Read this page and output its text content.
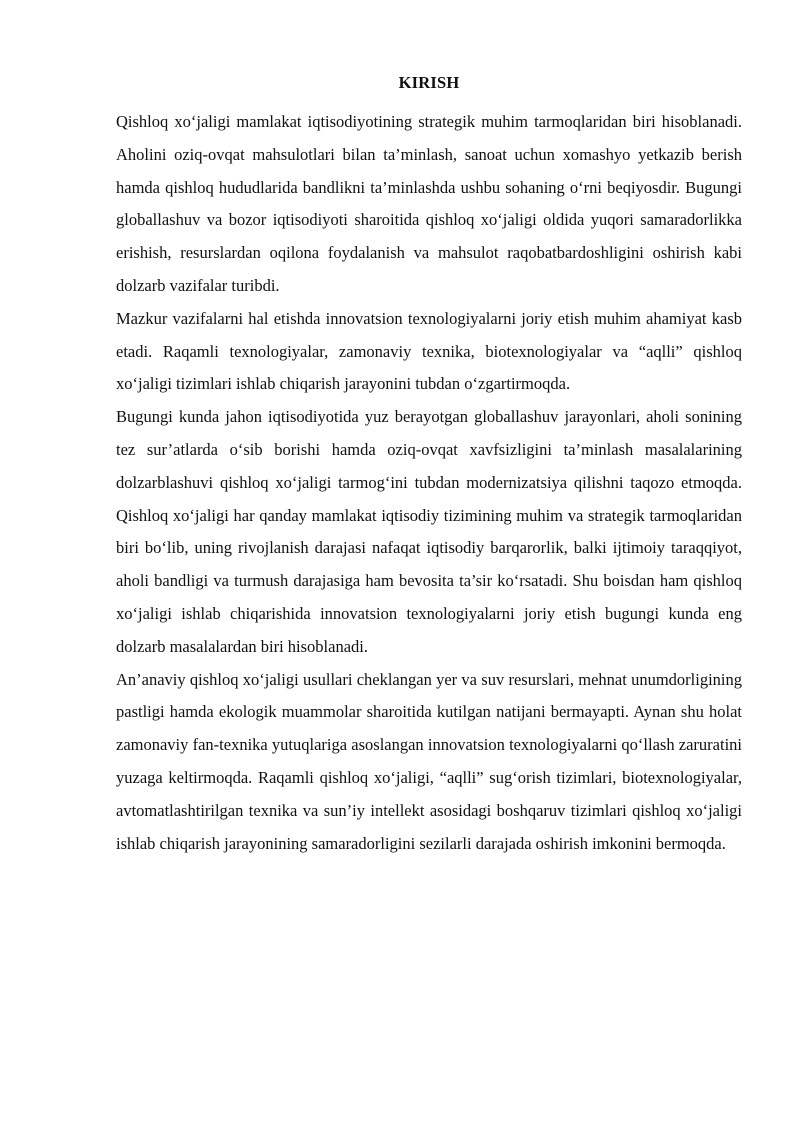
KIRISH

Qishloq xo‘jaligi mamlakat iqtisodiyotining strategik muhim tarmoqlaridan biri hisoblanadi. Aholini oziq-ovqat mahsulotlari bilan ta’minlash, sanoat uchun xomashyo yetkazib berish hamda qishloq hududlarida bandlikni ta’minlashda ushbu sohaning o‘rni beqiyosdir. Bugungi globallashuv va bozor iqtisodiyoti sharoitida qishloq xo‘jaligi oldida yuqori samaradorlikka erishish, resurslardan oqilona foydalanish va mahsulot raqobatbardoshligini oshirish kabi dolzarb vazifalar turibdi.

Mazkur vazifalarni hal etishda innovatsion texnologiyalarni joriy etish muhim ahamiyat kasb etadi. Raqamli texnologiyalar, zamonaviy texnika, biotexnologiyalar va “aqlli” qishloq xo‘jaligi tizimlari ishlab chiqarish jarayonini tubdan o‘zgartirmoqda.

Bugungi kunda jahon iqtisodiyotida yuz berayotgan globallashuv jarayonlari, aholi sonining tez sur’atlarda o‘sib borishi hamda oziq-ovqat xavfsizligini ta’minlash masalalarining dolzarblashuvi qishloq xo‘jaligi tarmog‘ini tubdan modernizatsiya qilishni taqozo etmoqda. Qishloq xo‘jaligi har qanday mamlakat iqtisodiy tizimining muhim va strategik tarmoqlaridan biri bo‘lib, uning rivojlanish darajasi nafaqat iqtisodiy barqarorlik, balki ijtimoiy taraqqiyot, aholi bandligi va turmush darajasiga ham bevosita ta’sir ko‘rsatadi. Shu boisdan ham qishloq xo‘jaligi ishlab chiqarishida innovatsion texnologiyalarni joriy etish bugungi kunda eng dolzarb masalalardan biri hisoblanadi.

An’anaviy qishloq xo‘jaligi usullari cheklangan yer va suv resurslari, mehnat unumdorligining pastligi hamda ekologik muammolar sharoitida kutilgan natijani bermayapti. Aynan shu holat zamonaviy fan-texnika yutuqlariga asoslangan innovatsion texnologiyalarni qo‘llash zaruratini yuzaga keltirmoqda. Raqamli qishloq xo‘jaligi, “aqlli” sug‘orish tizimlari, biotexnologiyalar, avtomatlashtirilgan texnika va sun’iy intellekt asosidagi boshqaruv tizimlari qishloq xo‘jaligi ishlab chiqarish jarayonining samaradorligini sezilarli darajada oshirish imkonini bermoqda.
